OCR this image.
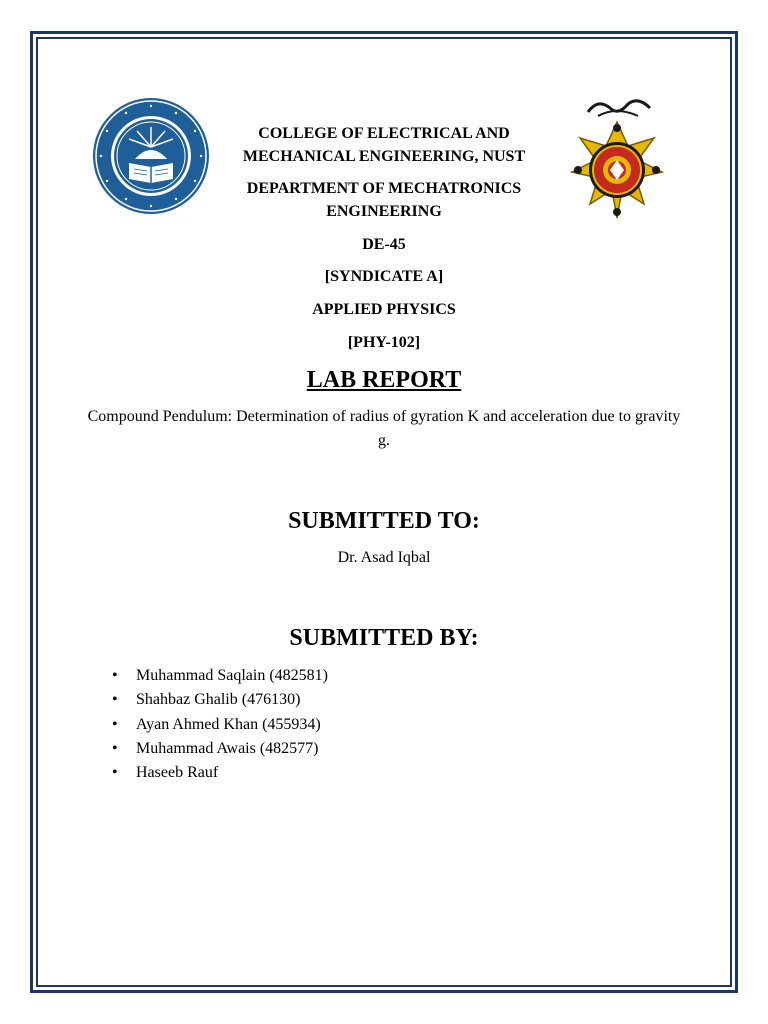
COLLEGE OF ELECTRICAL AND MECHANICAL ENGINEERING, NUST
DEPARTMENT OF MECHATRONICS ENGINEERING
DE-45
[SYNDICATE A]
APPLIED PHYSICS
[PHY-102]
LAB REPORT
Compound Pendulum: Determination of radius of gyration K and acceleration due to gravity g.
SUBMITTED TO:
Dr. Asad Iqbal
SUBMITTED BY:
• Muhammad Saqlain (482581)
• Shahbaz Ghalib (476130)
• Ayan Ahmed Khan (455934)
• Muhammad Awais (482577)
• Haseeb Rauf
